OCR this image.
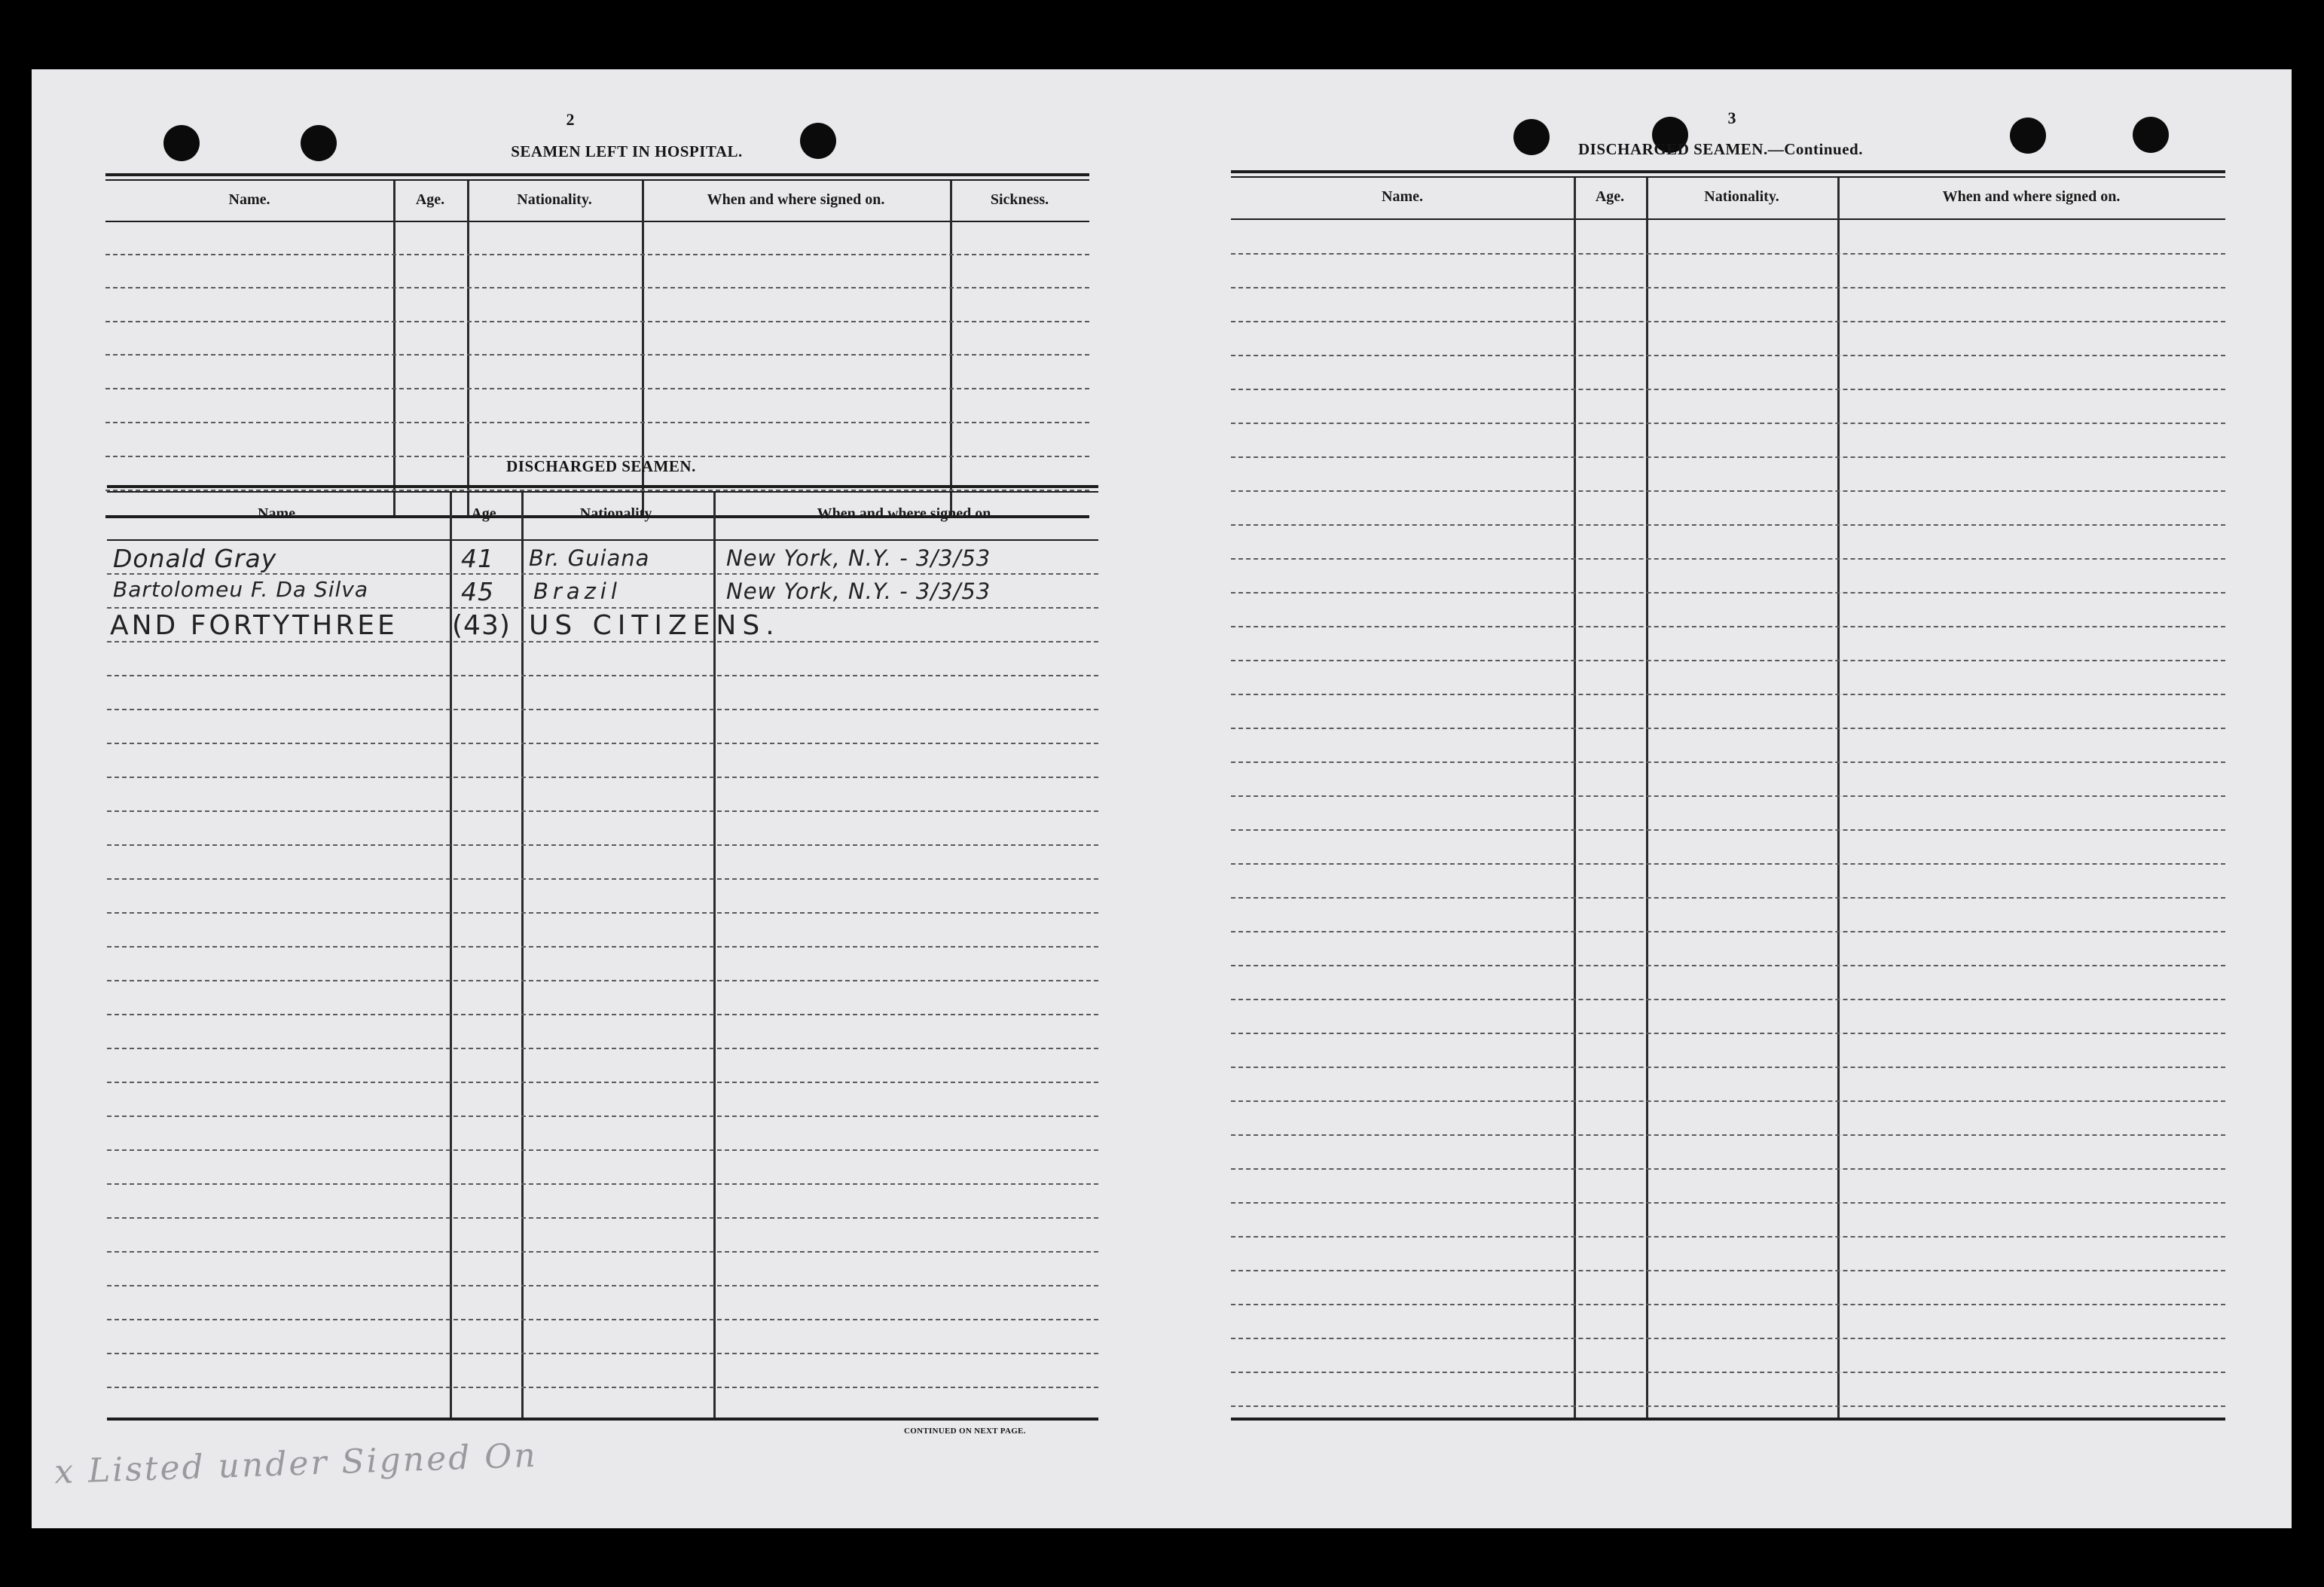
2
SEAMEN LEFT IN HOSPITAL.
Name.	Age.	Nationality.	When and where signed on.	Sickness.
DISCHARGED SEAMEN.
Name.	Age.	Nationality.	When and where signed on.
Donald Gray	41 Br. Guiana	New York, N.Y. - 3/3/53
Bartolomeu F. Da Silva	45 Brazil	New York, N.Y. - 3/3/53
AND FORTYTHREE (43) US CITIZENS.
CONTINUED ON NEXT PAGE.
x Listed under Signed On
3
DISCHARGED SEAMEN.—Continued.
Name.	Age.	Nationality.	When and where signed on.
